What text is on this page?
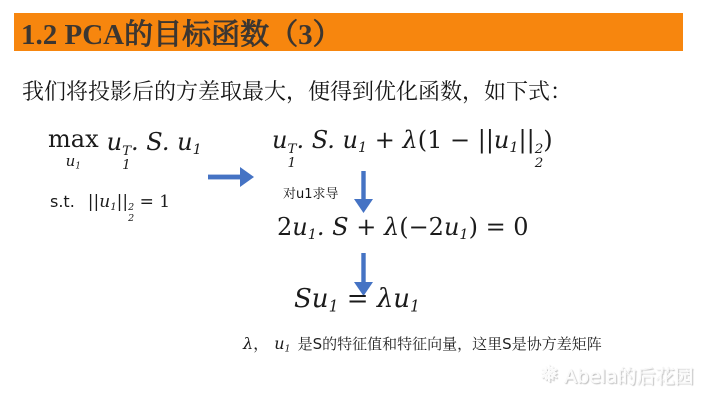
1.2 PCA的目标函数（3）
我们将投影后的方差取最大，便得到优化函数，如下式：
max
u1
u T
1
. S. u1
s.t. ||u1|| 2
2
= 1
u T
1
. S. u1 + λ(1 − ||u1|| 2
2
)
对u1求导
2u1. S + λ(−2u1) = 0
Su1 = λu1
λ， u1 是S的特征值和特征向量，这里S是协方差矩阵
❅ Abela的后花园
